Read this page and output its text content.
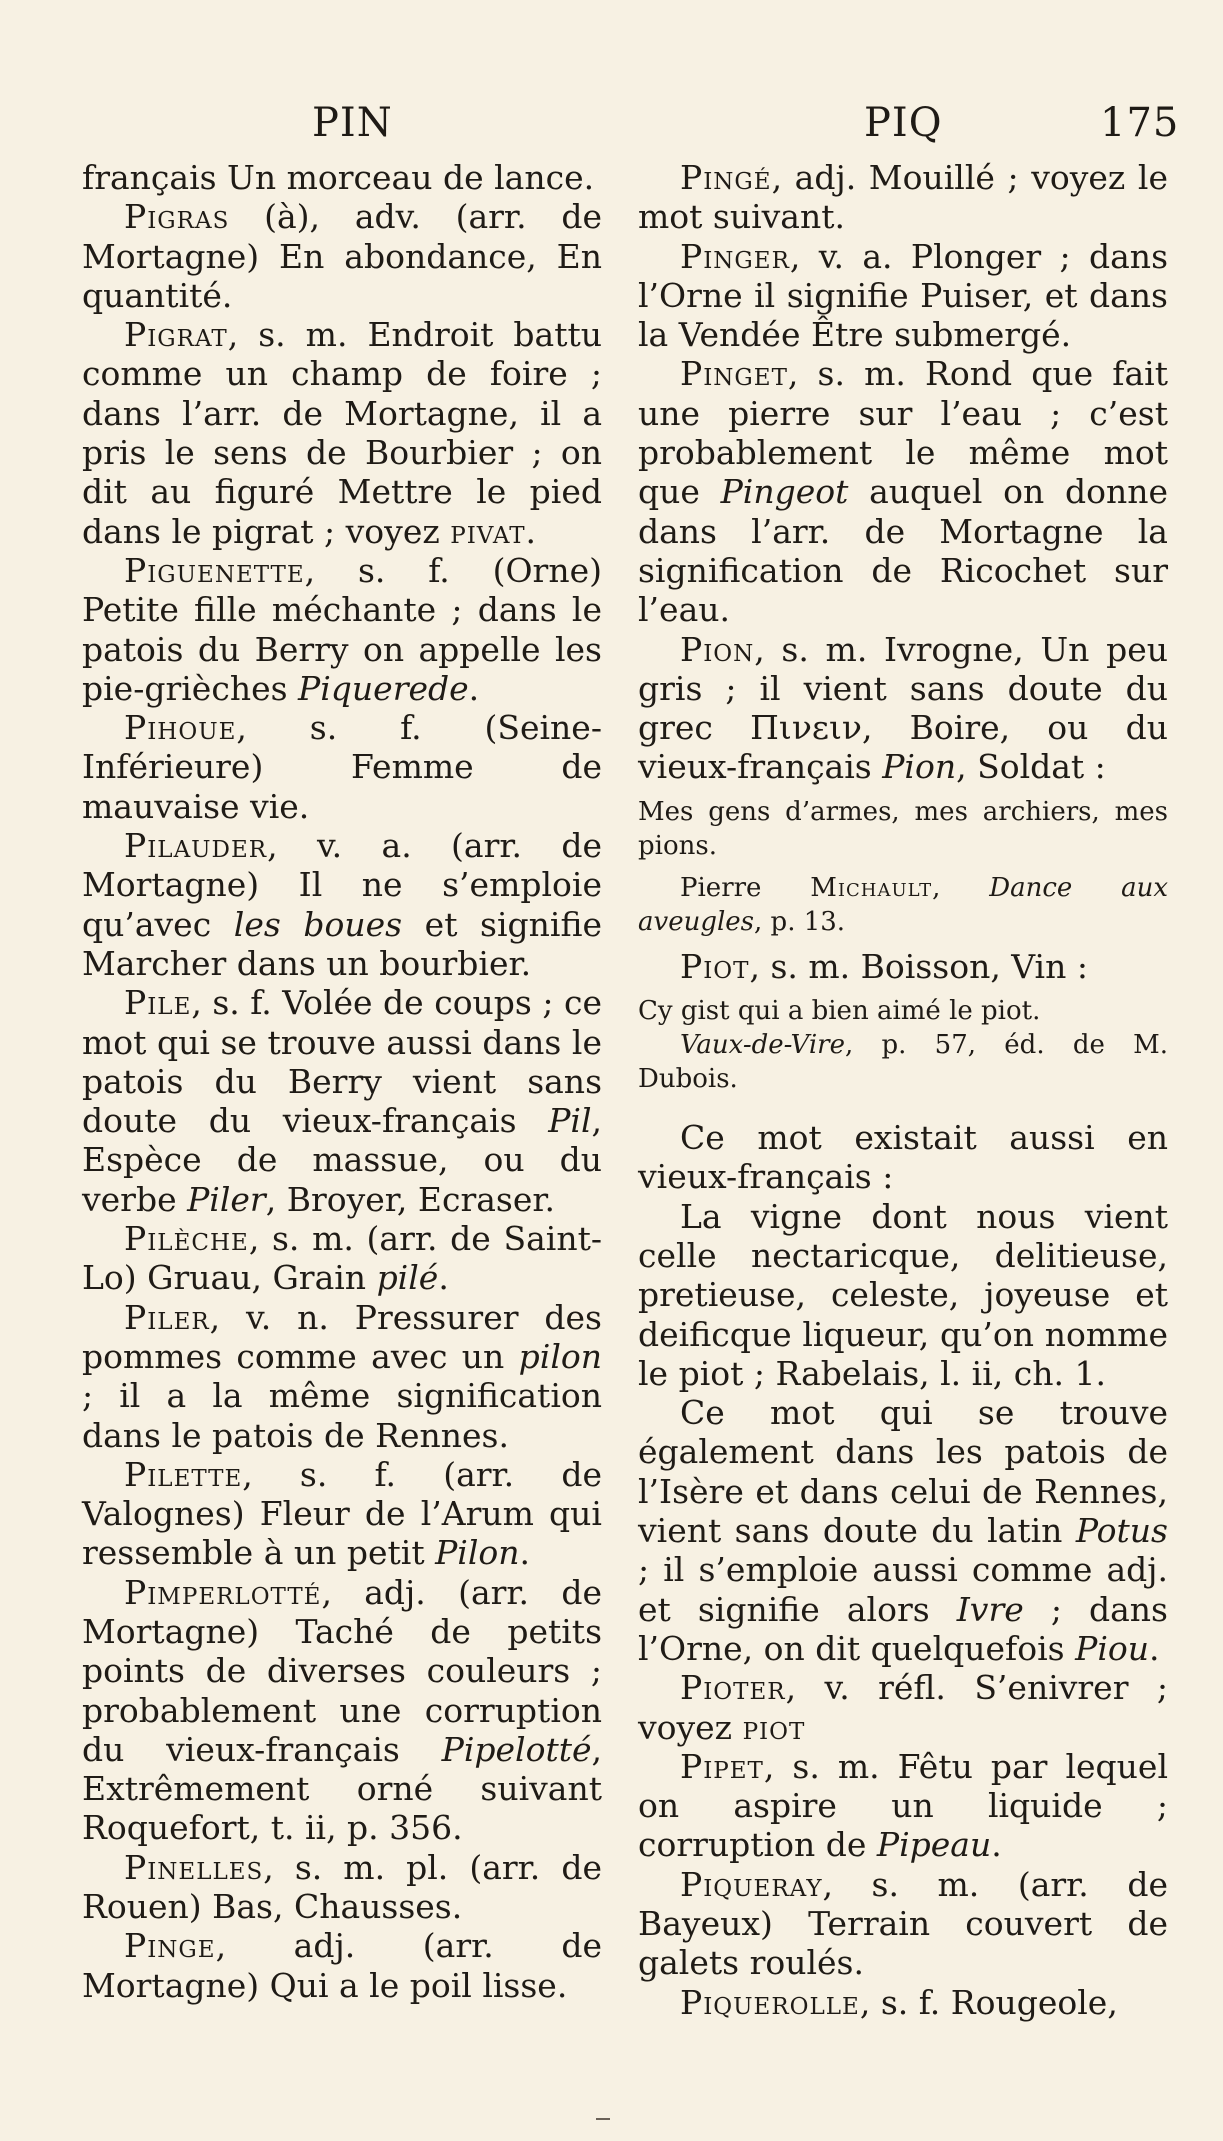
PIN	PIQ	175

français Un morceau de lance.

Pigras (à), adv. (arr. de Mortagne) En abondance, En quantité.

Pigrat, s. m. Endroit battu comme un champ de foire ; dans l’arr. de Mortagne, il a pris le sens de Bourbier ; on dit au figuré Mettre le pied dans le pigrat ; voyez pivat.

Piguenette, s. f. (Orne) Petite fille méchante ; dans le patois du Berry on appelle les pie-grièches Piquerede.

Pihoue, s. f. (Seine-Inférieure) Femme de mauvaise vie.

Pilauder, v. a. (arr. de Mortagne) Il ne s’emploie qu’avec les boues et signifie Marcher dans un bourbier.

Pile, s. f. Volée de coups ; ce mot qui se trouve aussi dans le patois du Berry vient sans doute du vieux-français Pil, Espèce de massue, ou du verbe Piler, Broyer, Ecraser.

Pilèche, s. m. (arr. de Saint-Lo) Gruau, Grain pilé.

Piler, v. n. Pressurer des pommes comme avec un pilon ; il a la même signification dans le patois de Rennes.

Pilette, s. f. (arr. de Valognes) Fleur de l’Arum qui ressemble à un petit Pilon.

Pimperlotté, adj. (arr. de Mortagne) Taché de petits points de diverses couleurs ; probablement une corruption du vieux-français Pipelotté, Extrêmement orné suivant Roquefort, t. ii, p. 356.

Pinelles, s. m. pl. (arr. de Rouen) Bas, Chausses.

Pinge, adj. (arr. de Mortagne) Qui a le poil lisse.

Pingé, adj. Mouillé ; voyez le mot suivant.

Pinger, v. a. Plonger ; dans l’Orne il signifie Puiser, et dans la Vendée Être submergé.

Pinget, s. m. Rond que fait une pierre sur l’eau ; c’est probablement le même mot que Pingeot auquel on donne dans l’arr. de Mortagne la signification de Ricochet sur l’eau.

Pion, s. m. Ivrogne, Un peu gris ; il vient sans doute du grec Πινειν, Boire, ou du vieux-français Pion, Soldat :

Mes gens d’armes, mes archiers, mes pions.

Pierre Michault, Dance aux aveugles, p. 13.

Piot, s. m. Boisson, Vin :

Cy gist qui a bien aimé le piot.

Vaux-de-Vire, p. 57, éd. de M. Dubois.

Ce mot existait aussi en vieux-français :

La vigne dont nous vient celle nectaricque, delitieuse, pretieuse, celeste, joyeuse et deificque liqueur, qu’on nomme le piot ; Rabelais, l. ii, ch. 1.

Ce mot qui se trouve également dans les patois de l’Isère et dans celui de Rennes, vient sans doute du latin Potus ; il s’emploie aussi comme adj. et signifie alors Ivre ; dans l’Orne, on dit quelquefois Piou.

Pioter, v. réfl. S’enivrer ; voyez piot

Pipet, s. m. Fêtu par lequel on aspire un liquide ; corruption de Pipeau.

Piqueray, s. m. (arr. de Bayeux) Terrain couvert de galets roulés.

Piquerolle, s. f. Rougeole,
